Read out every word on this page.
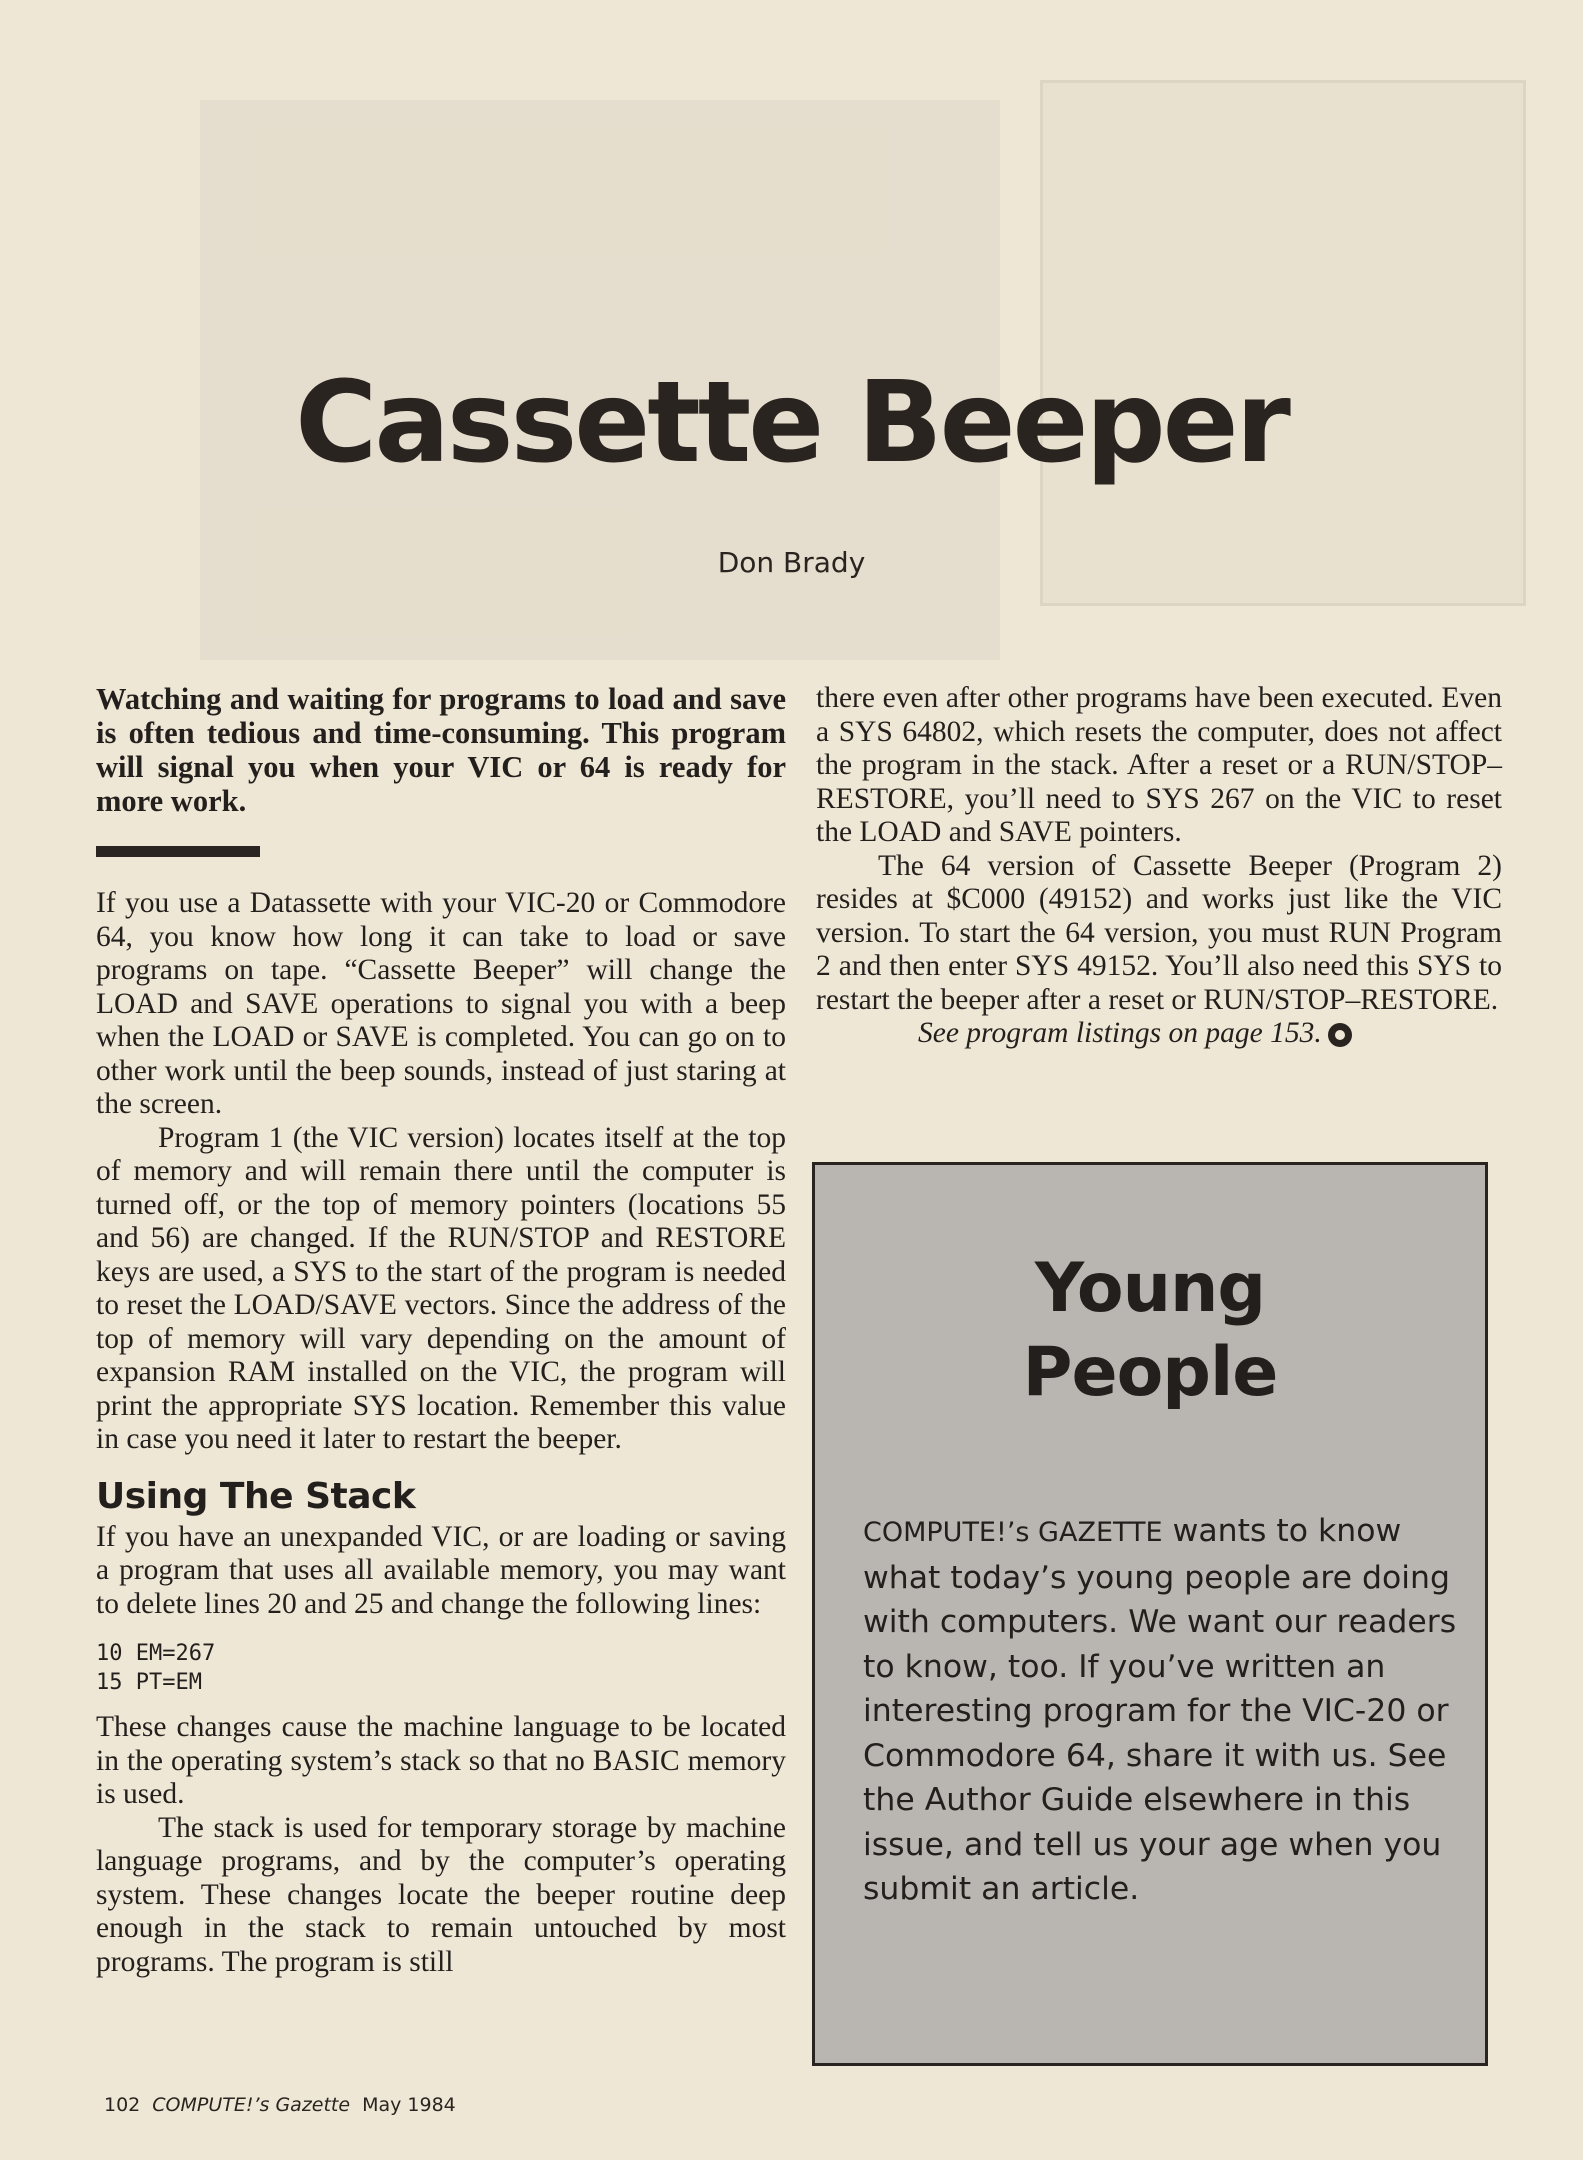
Cassette Beeper
Don Brady

Watching and waiting for programs to load and save is often tedious and time-consuming. This program will signal you when your VIC or 64 is ready for more work.

If you use a Datassette with your VIC-20 or Commodore 64, you know how long it can take to load or save programs on tape. “Cassette Beeper” will change the LOAD and SAVE operations to signal you with a beep when the LOAD or SAVE is completed. You can go on to other work until the beep sounds, instead of just staring at the screen.

Program 1 (the VIC version) locates itself at the top of memory and will remain there until the computer is turned off, or the top of memory pointers (locations 55 and 56) are changed. If the RUN/STOP and RESTORE keys are used, a SYS to the start of the program is needed to reset the LOAD/SAVE vectors. Since the address of the top of memory will vary depending on the amount of expansion RAM installed on the VIC, the program will print the appropriate SYS location. Remember this value in case you need it later to restart the beeper.

Using The Stack

If you have an unexpanded VIC, or are loading or saving a program that uses all available memory, you may want to delete lines 20 and 25 and change the following lines:

10 EM=267
15 PT=EM

These changes cause the machine language to be located in the operating system’s stack so that no BASIC memory is used.

The stack is used for temporary storage by machine language programs, and by the computer’s operating system. These changes locate the beeper routine deep enough in the stack to remain untouched by most programs. The program is still

there even after other programs have been executed. Even a SYS 64802, which resets the computer, does not affect the program in the stack. After a reset or a RUN/STOP–RESTORE, you’ll need to SYS 267 on the VIC to reset the LOAD and SAVE pointers.

The 64 version of Cassette Beeper (Program 2) resides at $C000 (49152) and works just like the VIC version. To start the 64 version, you must RUN Program 2 and then enter SYS 49152. You’ll also need this SYS to restart the beeper after a reset or RUN/STOP–RESTORE.

See program listings on page 153.

Young
People

COMPUTE!’s GAZETTE wants to know what today’s young people are doing with computers. We want our readers to know, too. If you’ve written an interesting program for the VIC-20 or Commodore 64, share it with us. See the Author Guide elsewhere in this issue, and tell us your age when you submit an article.

102 COMPUTE!’s Gazette May 1984
